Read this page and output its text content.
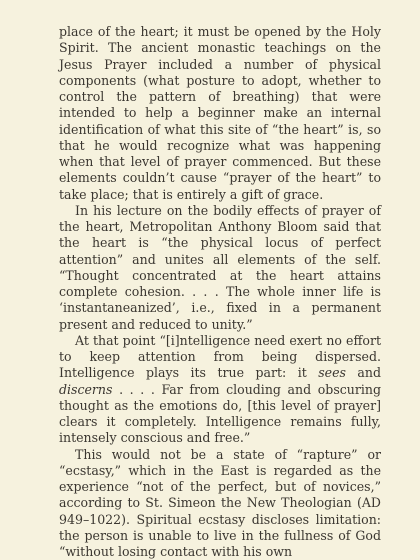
place of the heart; it must be opened by the Holy Spirit. The ancient monastic teachings on the Jesus Prayer included a number of physical components (what posture to adopt, whether to control the pattern of breathing) that were intended to help a beginner make an internal identification of what this site of “the heart” is, so that he would recognize what was happening when that level of prayer commenced. But these elements couldn’t cause “prayer of the heart” to take place; that is entirely a gift of grace.

In his lecture on the bodily effects of prayer of the heart, Metropolitan Anthony Bloom said that the heart is “the physical locus of perfect attention” and unites all elements of the self. “Thought concentrated at the heart attains complete cohesion. . . . The whole inner life is ‘instantaneanized’, i.e., fixed in a permanent present and reduced to unity.”

At that point “[i]ntelligence need exert no effort to keep attention from being dispersed. Intelligence plays its true part: it sees and discerns . . . . Far from clouding and obscuring thought as the emotions do, [this level of prayer] clears it completely. Intelligence remains fully, intensely conscious and free.”

This would not be a state of “rapture” or “ecstasy,” which in the East is regarded as the experience “not of the perfect, but of novices,” according to St. Simeon the New Theologian (AD 949–1022). Spiritual ecstasy discloses limitation: the person is unable to live in the fullness of God “without losing contact with his own
